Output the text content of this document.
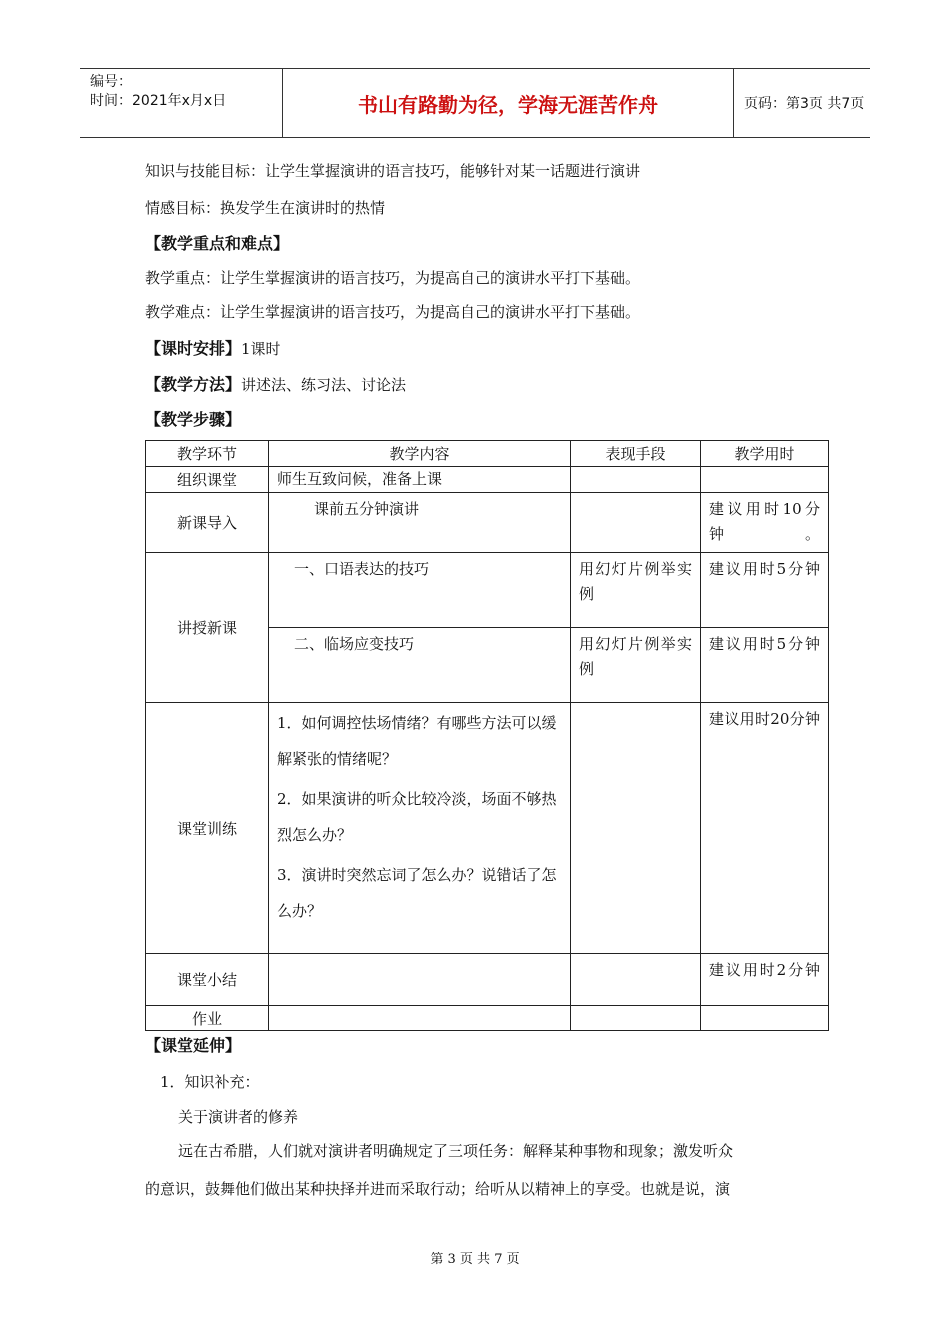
编号：
时间：2021年x月x日	书山有路勤为径，学海无涯苦作舟	页码：第3页 共7页
知识与技能目标：让学生掌握演讲的语言技巧，能够针对某一话题进行演讲
情感目标：换发学生在演讲时的热情
【教学重点和难点】
教学重点：让学生掌握演讲的语言技巧，为提高自己的演讲水平打下基础。
教学难点：让学生掌握演讲的语言技巧，为提高自己的演讲水平打下基础。
【课时安排】1课时
【教学方法】讲述法、练习法、讨论法
【教学步骤】
教学环节	教学内容	表现手段	教学用时
组织课堂	师生互致问候，准备上课		

新课导入	课前五分钟演讲		建议用时10分钟。

讲授新课	一、口语表达的技巧	用幻灯片例举实例	建议用时5分钟

	二、临场应变技巧	用幻灯片例举实例	建议用时5分钟

课堂训练	1．如何调控怯场情绪？有哪些方法可以缓解紧张的情绪呢？
2．如果演讲的听众比较冷淡，场面不够热烈怎么办？
3．演讲时突然忘词了怎么办？说错话了怎么办？		建议用时20分钟

课堂小结			建议用时2分钟

作业			
【课堂延伸】
1．知识补充：
关于演讲者的修养
远在古希腊，人们就对演讲者明确规定了三项任务：解释某种事物和现象；激发听众
的意识，鼓舞他们做出某种抉择并进而采取行动；给听从以精神上的享受。也就是说，演
第 3 页 共 7 页
